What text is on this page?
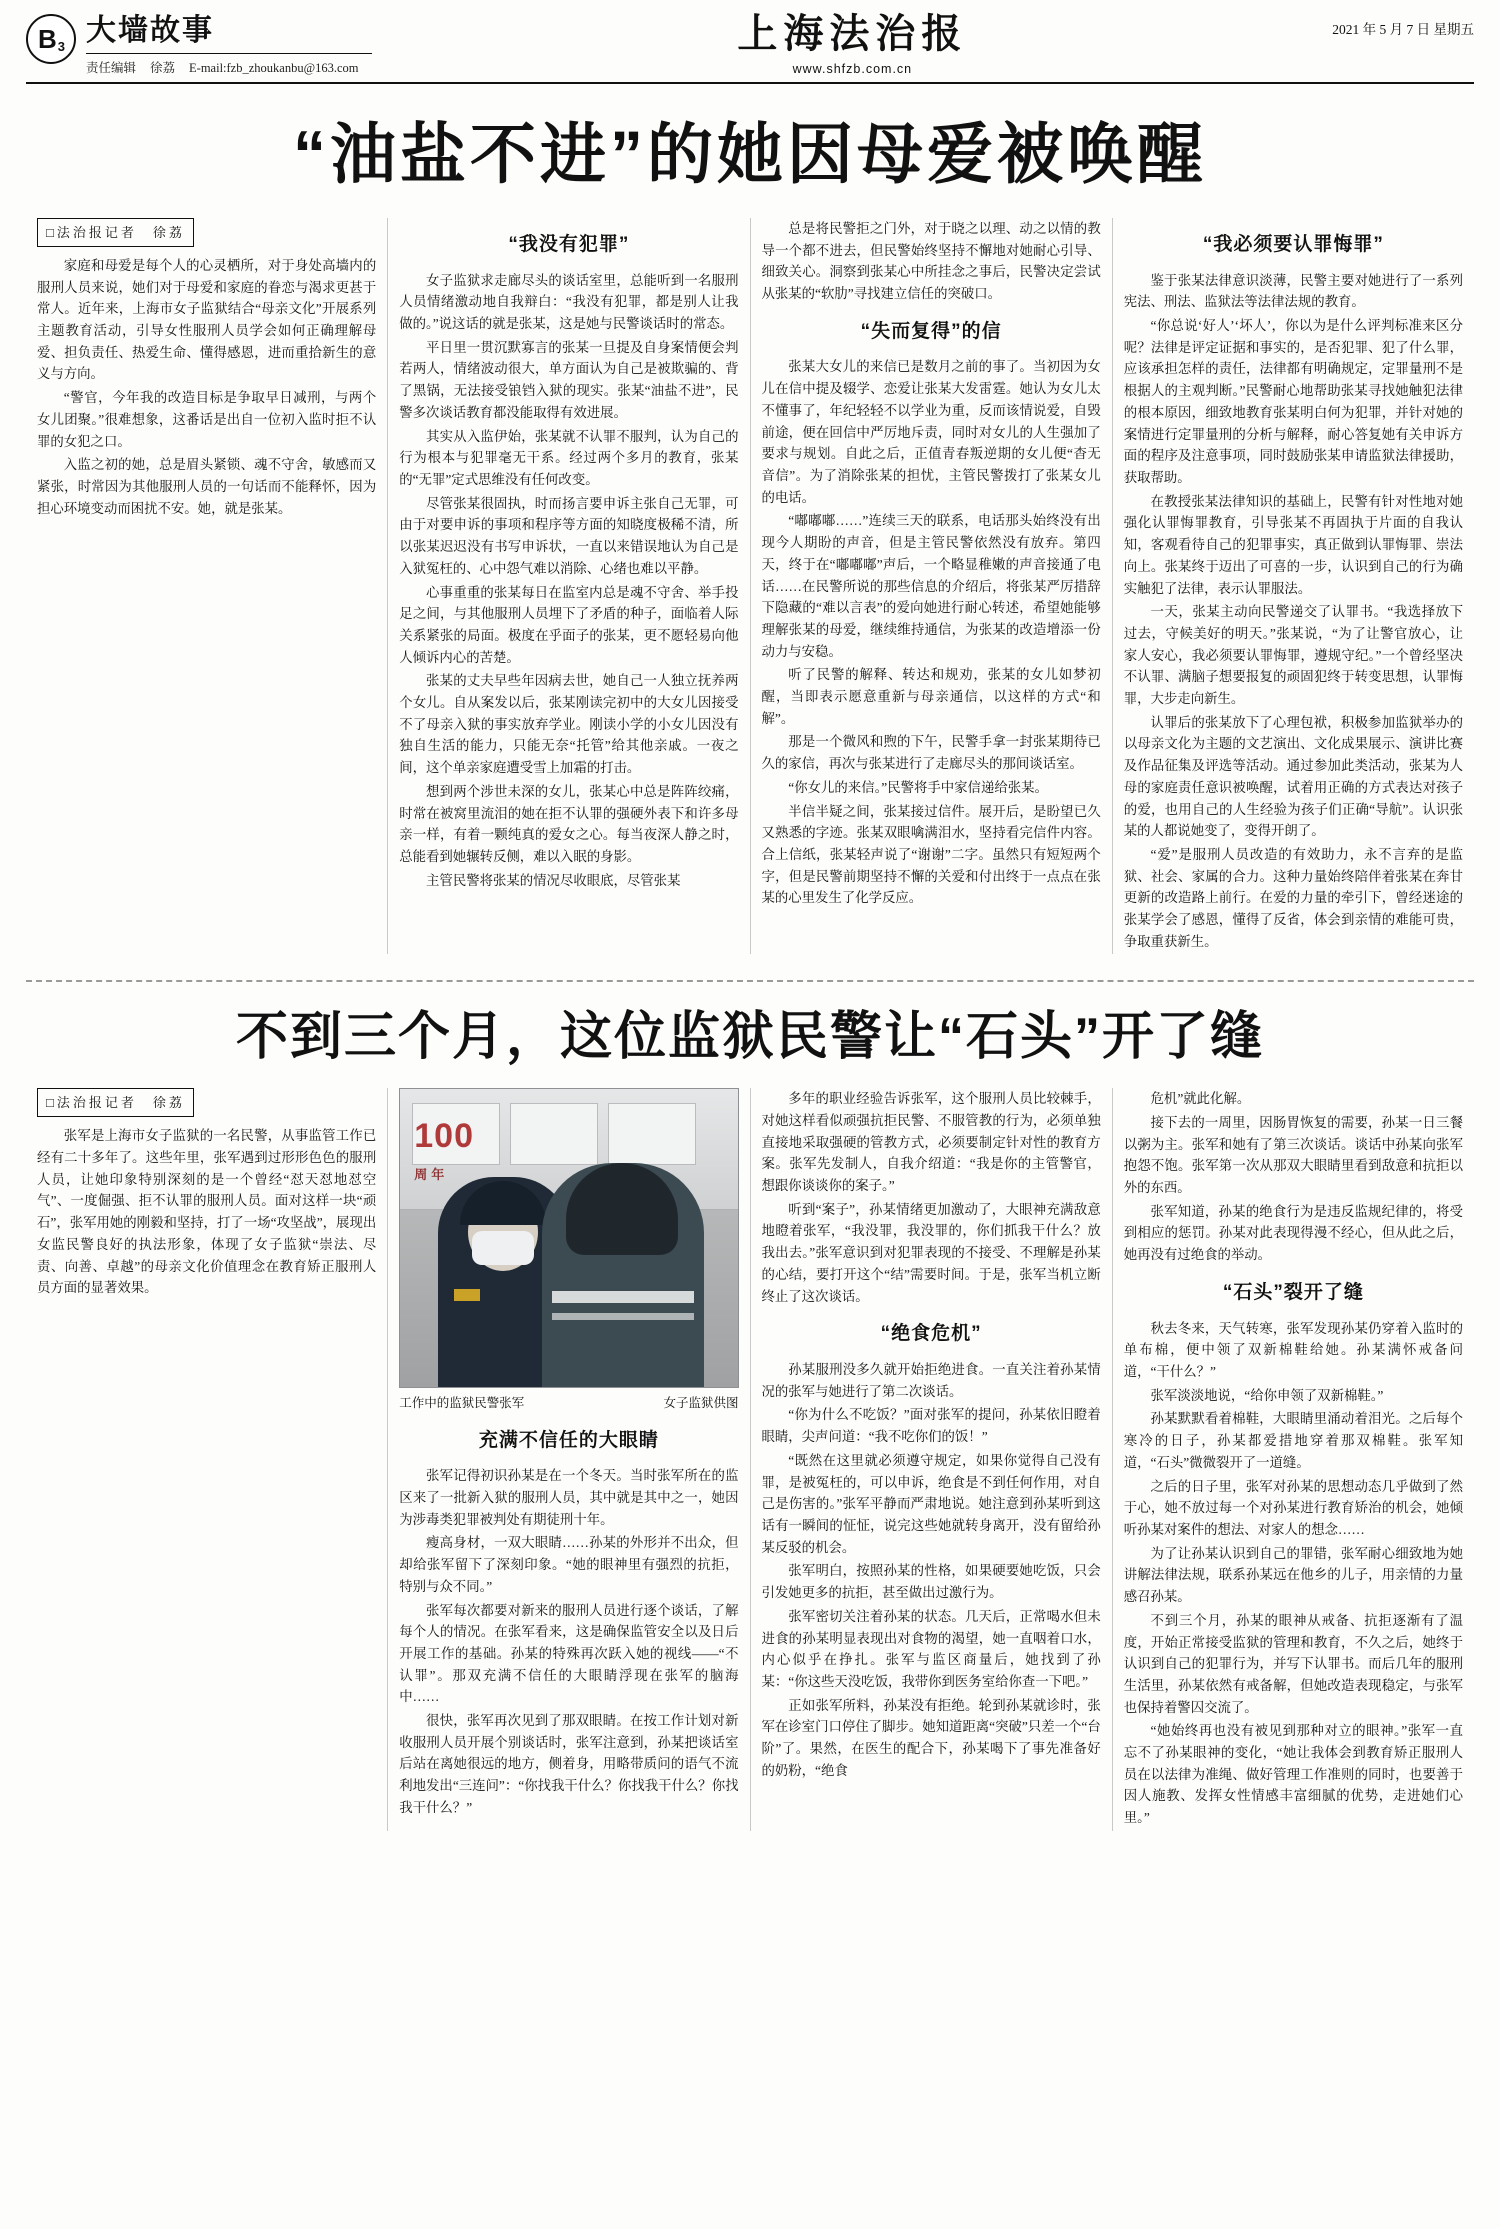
B 3 大墙故事
责任编辑 徐荔 E-mail:fzb_zhoukanbu@163.com
上海法治报
www.shfzb.com.cn
2021 年 5 月 7 日 星期五
“油盐不进”的她因母爱被唤醒
□法治报记者　徐荔

家庭和母爱是每个人的心灵栖所，对于身处高墙内的服刑人员来说，她们对于母爱和家庭的眷恋与渴求更甚于常人。近年来，上海市女子监狱结合“母亲文化”开展系列主题教育活动，引导女性服刑人员学会如何正确理解母爱、担负责任、热爱生命、懂得感恩，进而重拾新生的意义与方向。

“警官，今年我的改造目标是争取早日减刑，与两个女儿团聚。”很难想象，这番话是出自一位初入监时拒不认罪的女犯之口。

入监之初的她，总是眉头紧锁、魂不守舍，敏感而又紧张，时常因为其他服刑人员的一句话而不能释怀，因为担心环境变动而困扰不安。她，就是张某。

“我没有犯罪”

女子监狱求走廊尽头的谈话室里，总能听到一名服刑人员情绪激动地自我辩白：“我没有犯罪，都是别人让我做的。”说这话的就是张某，这是她与民警谈话时的常态。

平日里一贯沉默寡言的张某一旦提及自身案情便会判若两人，情绪波动很大，单方面认为自己是被欺骗的、背了黑锅，无法接受锒铛入狱的现实。张某“油盐不进”，民警多次谈话教育都没能取得有效进展。

其实从入监伊始，张某就不认罪不服判，认为自己的行为根本与犯罪毫无干系。经过两个多月的教育，张某的“无罪”定式思维没有任何改变。

尽管张某很固执，时而扬言要申诉主张自己无罪，可由于对要申诉的事项和程序等方面的知晓度极稀不清，所以张某迟迟没有书写申诉状，一直以来错误地认为自己是入狱冤枉的、心中怨气难以消除、心绪也难以平静。

心事重重的张某每日在监室内总是魂不守舍、举手投足之间，与其他服刑人员埋下了矛盾的种子，面临着人际关系紧张的局面。极度在乎面子的张某，更不愿轻易向他人倾诉内心的苦楚。

张某的丈夫早些年因病去世，她自己一人独立抚养两个女儿。自从案发以后，张某刚读完初中的大女儿因接受不了母亲入狱的事实放弃学业。刚读小学的小女儿因没有独自生活的能力，只能无奈“托管”给其他亲戚。一夜之间，这个单亲家庭遭受雪上加霜的打击。

想到两个涉世未深的女儿，张某心中总是阵阵绞痛，时常在被窝里流泪的她在拒不认罪的强硬外表下和许多母亲一样，有着一颗纯真的爱女之心。每当夜深人静之时，总能看到她辗转反侧，难以入眠的身影。

主管民警将张某的情况尽收眼底，尽管张某

总是将民警拒之门外，对于晓之以理、动之以情的教导一个都不进去，但民警始终坚持不懈地对她耐心引导、细致关心。洞察到张某心中所挂念之事后，民警决定尝试从张某的“软肋”寻找建立信任的突破口。

“失而复得”的信

张某大女儿的来信已是数月之前的事了。当初因为女儿在信中提及辍学、恋爱让张某大发雷霆。她认为女儿太不懂事了，年纪轻轻不以学业为重，反而该情说爱，自毁前途，便在回信中严厉地斥责，同时对女儿的人生强加了要求与规划。自此之后，正值青春叛逆期的女儿便“杳无音信”。为了消除张某的担忧，主管民警拨打了张某女儿的电话。

“嘟嘟嘟……”连续三天的联系，电话那头始终没有出现今人期盼的声音，但是主管民警依然没有放弃。第四天，终于在“嘟嘟嘟”声后，一个略显稚嫩的声音接通了电话……在民警所说的那些信息的介绍后，将张某严厉措辞下隐藏的“难以言表”的爱向她进行耐心转述，希望她能够理解张某的母爱，继续维持通信，为张某的改造增添一份动力与安稳。

听了民警的解释、转达和规劝，张某的女儿如梦初醒，当即表示愿意重新与母亲通信，以这样的方式“和解”。

那是一个微风和煦的下午，民警手拿一封张某期待已久的家信，再次与张某进行了走廊尽头的那间谈话室。

“你女儿的来信。”民警将手中家信递给张某。

半信半疑之间，张某接过信件。展开后，是盼望已久又熟悉的字迹。张某双眼噙满泪水，坚持看完信件内容。合上信纸，张某轻声说了“谢谢”二字。虽然只有短短两个字，但是民警前期坚持不懈的关爱和付出终于一点点在张某的心里发生了化学反应。

“我必须要认罪悔罪”

鉴于张某法律意识淡薄，民警主要对她进行了一系列宪法、刑法、监狱法等法律法规的教育。

“你总说‘好人’‘坏人’，你以为是什么评判标准来区分呢？法律是评定证据和事实的，是否犯罪、犯了什么罪，应该承担怎样的责任，法律都有明确规定，定罪量刑不是根据人的主观判断。”民警耐心地帮助张某寻找她触犯法律的根本原因，细致地教育张某明白何为犯罪，并针对她的案情进行定罪量刑的分析与解释，耐心答复她有关申诉方面的程序及注意事项，同时鼓励张某申请监狱法律援助，获取帮助。

在教授张某法律知识的基础上，民警有针对性地对她强化认罪悔罪教育，引导张某不再固执于片面的自我认知，客观看待自己的犯罪事实，真正做到认罪悔罪、崇法向上。张某终于迈出了可喜的一步，认识到自己的行为确实触犯了法律，表示认罪服法。

一天，张某主动向民警递交了认罪书。“我选择放下过去，守候美好的明天。”张某说，“为了让警官放心，让家人安心，我必须要认罪悔罪，遵规守纪。”一个曾经坚决不认罪、满脑子想要报复的顽固犯终于转变思想，认罪悔罪，大步走向新生。

认罪后的张某放下了心理包袱，积极参加监狱举办的以母亲文化为主题的文艺演出、文化成果展示、演讲比赛及作品征集及评选等活动。通过参加此类活动，张某为人母的家庭责任意识被唤醒，试着用正确的方式表达对孩子的爱，也用自己的人生经验为孩子们正确“导航”。认识张某的人都说她变了，变得开朗了。

“爱”是服刑人员改造的有效助力，永不言弃的是监狱、社会、家属的合力。这种力量始终陪伴着张某在奔甘更新的改造路上前行。在爱的力量的牵引下，曾经迷途的张某学会了感恩，懂得了反省，体会到亲情的难能可贵，争取重获新生。

不到三个月，这位监狱民警让“石头”开了缝
□法治报记者　徐荔

张军是上海市女子监狱的一名民警，从事监管工作已经有二十多年了。这些年里，张军遇到过形形色色的服刑人员，让她印象特别深刻的是一个曾经“怼天怼地怼空气”、一度倔强、拒不认罪的服刑人员。面对这样一块“顽石”，张军用她的刚毅和坚持，打了一场“攻坚战”，展现出女监民警良好的执法形象，体现了女子监狱“崇法、尽责、向善、卓越”的母亲文化价值理念在教育矫正服刑人员方面的显著效果。

100
周年
工作中的监狱民警张军	女子监狱供图
充满不信任的大眼睛

张军记得初识孙某是在一个冬天。当时张军所在的监区来了一批新入狱的服刑人员，其中就是其中之一，她因为涉毒类犯罪被判处有期徒刑十年。

瘦高身材，一双大眼睛……孙某的外形并不出众，但却给张军留下了深刻印象。“她的眼神里有强烈的抗拒，特别与众不同。”

张军每次都要对新来的服刑人员进行逐个谈话，了解每个人的情况。在张军看来，这是确保监管安全以及日后开展工作的基础。孙某的特殊再次跃入她的视线——“不认罪”。那双充满不信任的大眼睛浮现在张军的脑海中……

很快，张军再次见到了那双眼睛。在按工作计划对新收服刑人员开展个别谈话时，张军注意到，孙某把谈话室后站在离她很远的地方，侧着身，用略带质问的语气不流利地发出“三连问”：“你找我干什么？你找我干什么？你找我干什么？”

多年的职业经验告诉张军，这个服刑人员比较棘手，对她这样看似顽强抗拒民警、不服管教的行为，必须单独直接地采取强硬的管教方式，必须要制定针对性的教育方案。张军先发制人，自我介绍道：“我是你的主管警官，想跟你谈谈你的案子。”

听到“案子”，孙某情绪更加激动了，大眼神充满敌意地瞪着张军，“我没罪，我没罪的，你们抓我干什么？放我出去。”张军意识到对犯罪表现的不接受、不理解是孙某的心结，要打开这个“结”需要时间。于是，张军当机立断终止了这次谈话。

“绝食危机”

孙某服刑没多久就开始拒绝进食。一直关注着孙某情况的张军与她进行了第二次谈话。

“你为什么不吃饭？”面对张军的提问，孙某依旧瞪着眼睛，尖声问道：“我不吃你们的饭！”

“既然在这里就必须遵守规定，如果你觉得自己没有罪，是被冤枉的，可以申诉，绝食是不到任何作用，对自己是伤害的。”张军平静而严肃地说。她注意到孙某听到这话有一瞬间的怔怔，说完这些她就转身离开，没有留给孙某反驳的机会。

张军明白，按照孙某的性格，如果硬要她吃饭，只会引发她更多的抗拒，甚至做出过激行为。

张军密切关注着孙某的状态。几天后，正常喝水但未进食的孙某明显表现出对食物的渴望，她一直咽着口水，内心似乎在挣扎。张军与监区商量后，她找到了孙某：“你这些天没吃饭，我带你到医务室给你查一下吧。”

正如张军所料，孙某没有拒绝。轮到孙某就诊时，张军在诊室门口停住了脚步。她知道距离“突破”只差一个“台阶”了。果然，在医生的配合下，孙某喝下了事先准备好的奶粉，“绝食

危机”就此化解。

接下去的一周里，因肠胃恢复的需要，孙某一日三餐以粥为主。张军和她有了第三次谈话。谈话中孙某向张军抱怨不饱。张军第一次从那双大眼睛里看到敌意和抗拒以外的东西。

张军知道，孙某的绝食行为是违反监规纪律的，将受到相应的惩罚。孙某对此表现得漫不经心，但从此之后，她再没有过绝食的举动。

“石头”裂开了缝

秋去冬来，天气转寒，张军发现孙某仍穿着入监时的单布棉，便中领了双新棉鞋给她。孙某满怀戒备问道，“干什么？”

张军淡淡地说，“给你申领了双新棉鞋。”

孙某默默看着棉鞋，大眼睛里涌动着泪光。之后每个寒冷的日子，孙某都爱措地穿着那双棉鞋。张军知道，“石头”微微裂开了一道缝。

之后的日子里，张军对孙某的思想动态几乎做到了然于心，她不放过每一个对孙某进行教育矫治的机会，她倾听孙某对案件的想法、对家人的想念……

为了让孙某认识到自己的罪错，张军耐心细致地为她讲解法律法规，联系孙某远在他乡的儿子，用亲情的力量感召孙某。

不到三个月，孙某的眼神从戒备、抗拒逐渐有了温度，开始正常接受监狱的管理和教育，不久之后，她终于认识到自己的犯罪行为，并写下认罪书。而后几年的服刑生活里，孙某依然有戒备解，但她改造表现稳定，与张军也保持着警囚交流了。

“她始终再也没有被见到那种对立的眼神。”张军一直忘不了孙某眼神的变化，“她让我体会到教育矫正服刑人员在以法律为准绳、做好管理工作准则的同时，也要善于因人施教、发挥女性情感丰富细腻的优势，走进她们心里。”
